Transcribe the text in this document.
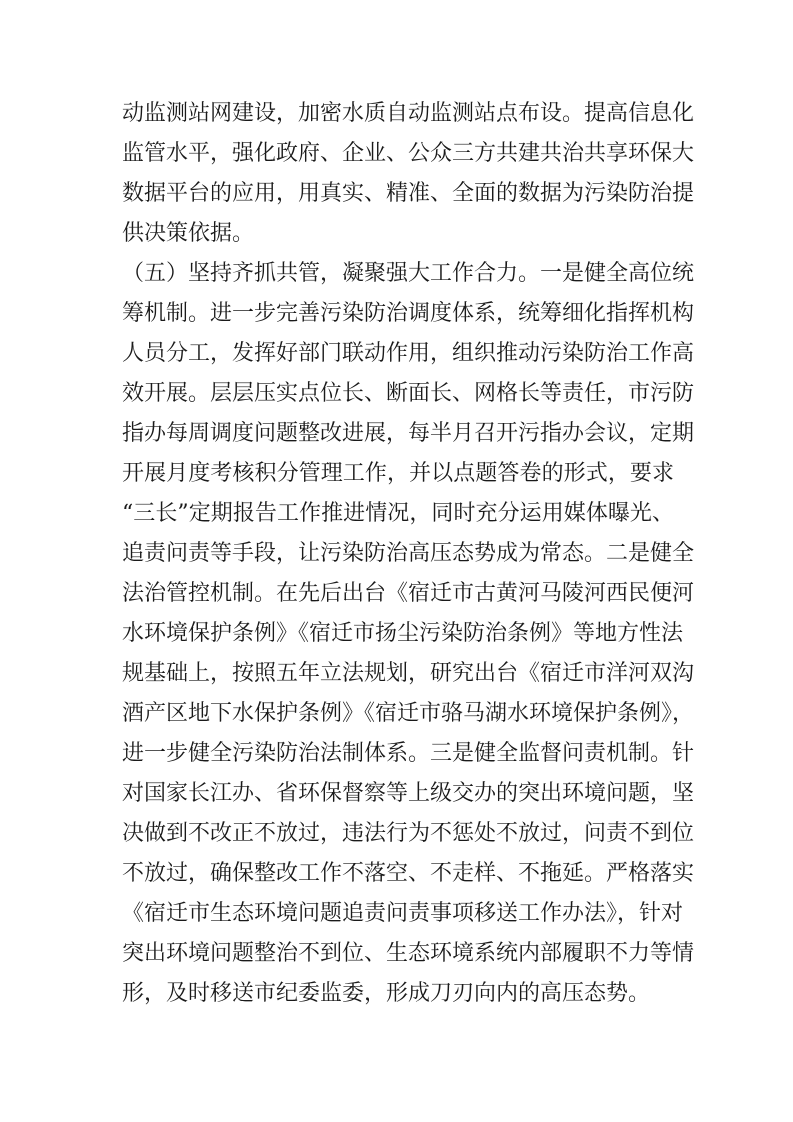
动监测站网建设，加密水质自动监测站点布设。提高信息化
监管水平，强化政府、企业、公众三方共建共治共享环保大
数据平台的应用，用真实、精准、全面的数据为污染防治提
供决策依据。
（五）坚持齐抓共管，凝聚强大工作合力。一是健全高位统
筹机制。进一步完善污染防治调度体系，统筹细化指挥机构
人员分工，发挥好部门联动作用，组织推动污染防治工作高
效开展。层层压实点位长、断面长、网格长等责任，市污防
指办每周调度问题整改进展，每半月召开污指办会议，定期
开展月度考核积分管理工作，并以点题答卷的形式，要求
“三长”定期报告工作推进情况，同时充分运用媒体曝光、
追责问责等手段，让污染防治高压态势成为常态。二是健全
法治管控机制。在先后出台《宿迁市古黄河马陵河西民便河
水环境保护条例》《宿迁市扬尘污染防治条例》等地方性法
规基础上，按照五年立法规划，研究出台《宿迁市洋河双沟
酒产区地下水保护条例》《宿迁市骆马湖水环境保护条例》，
进一步健全污染防治法制体系。三是健全监督问责机制。针
对国家长江办、省环保督察等上级交办的突出环境问题，坚
决做到不改正不放过，违法行为不惩处不放过，问责不到位
不放过，确保整改工作不落空、不走样、不拖延。严格落实
《宿迁市生态环境问题追责问责事项移送工作办法》，针对
突出环境问题整治不到位、生态环境系统内部履职不力等情
形，及时移送市纪委监委，形成刀刃向内的高压态势。
